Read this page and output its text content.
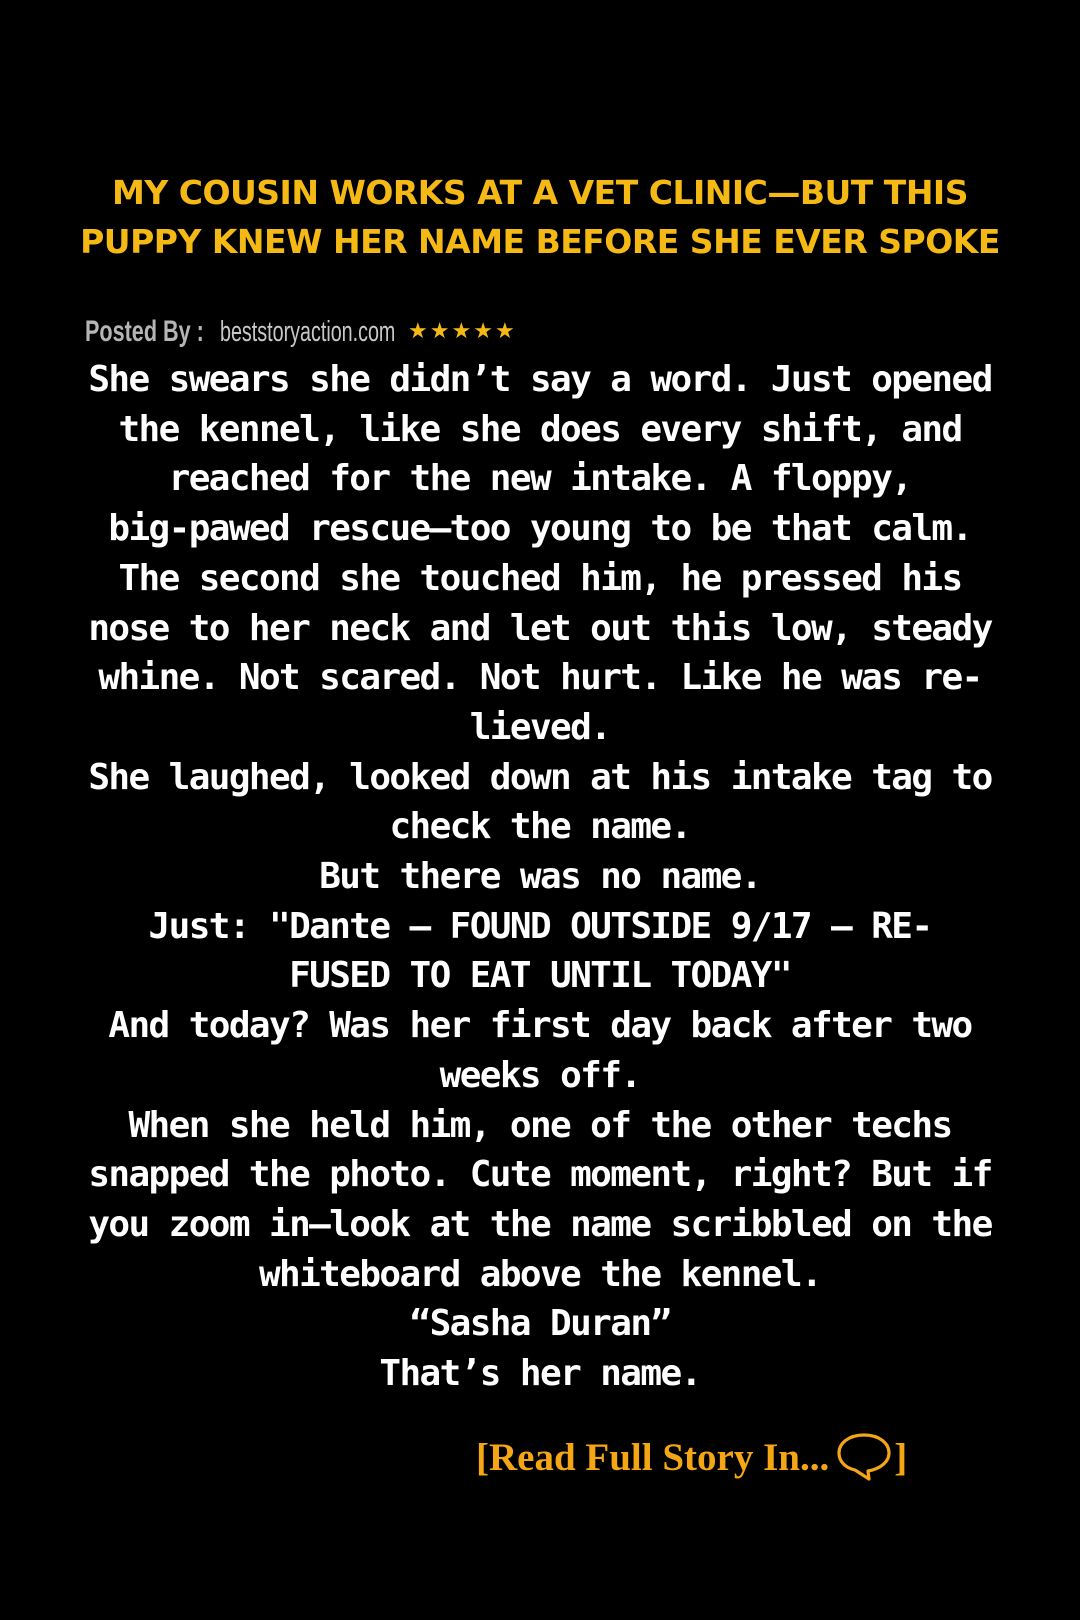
MY COUSIN WORKS AT A VET CLINIC—BUT THIS
PUPPY KNEW HER NAME BEFORE SHE EVER SPOKE
Posted By : beststoryaction.com ★ ★ ★ ★ ★
She swears she didn’t say a word. Just opened
the kennel, like she does every shift, and
reached for the new intake. A floppy,
big-pawed rescue—too young to be that calm.
The second she touched him, he pressed his
nose to her neck and let out this low, steady
whine. Not scared. Not hurt. Like he was re-
lieved.
She laughed, looked down at his intake tag to
check the name.
But there was no name.
Just: "Dante – FOUND OUTSIDE 9/17 – RE-
FUSED TO EAT UNTIL TODAY"
And today? Was her first day back after two
weeks off.
When she held him, one of the other techs
snapped the photo. Cute moment, right? But if
you zoom in—look at the name scribbled on the
whiteboard above the kennel.
“Sasha Duran”
That’s her name.
[Read Full Story In... ]
